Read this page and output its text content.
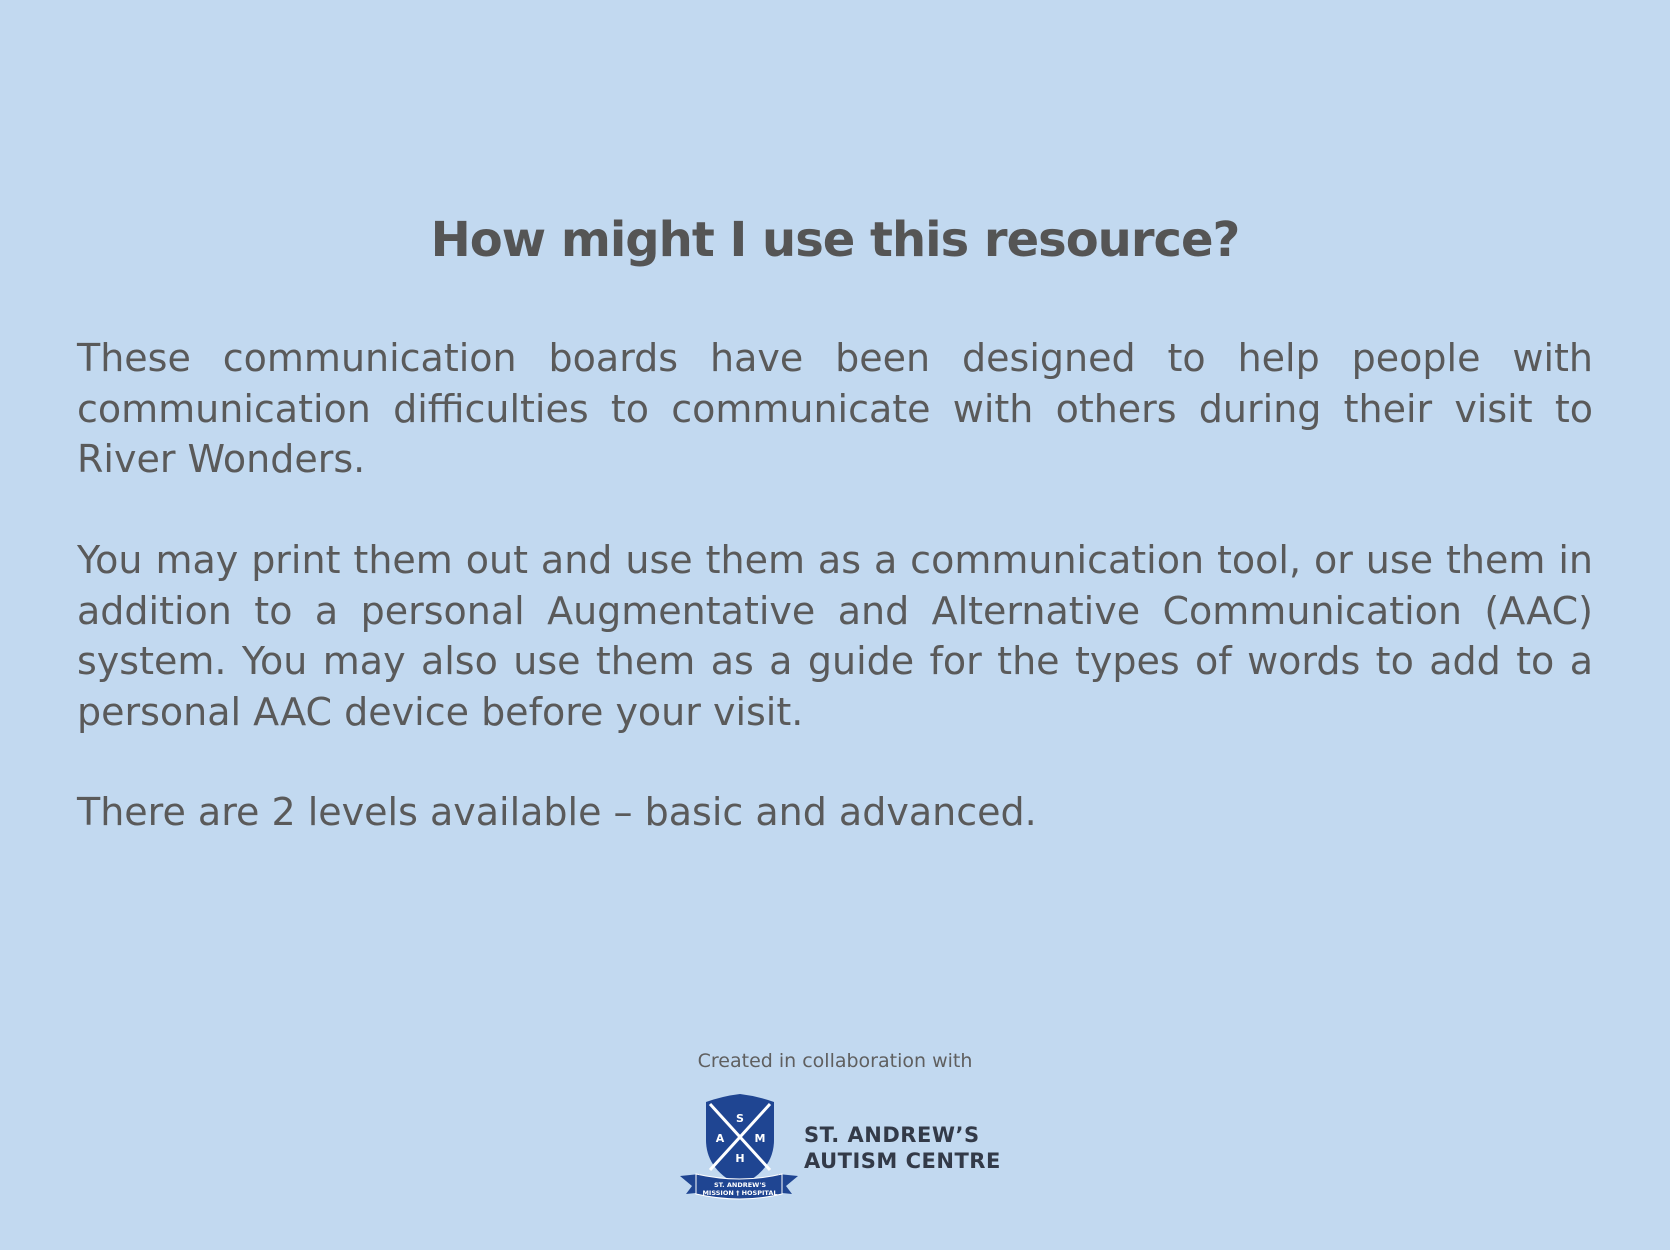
How might I use this resource?

These communication boards have been designed to help people with communication difficulties to communicate with others during their visit to River Wonders.

You may print them out and use them as a communication tool, or use them in addition to a personal Augmentative and Alternative Communication (AAC) system. You may also use them as a guide for the types of words to add to a personal AAC device before your visit.

There are 2 levels available – basic and advanced.

Created in collaboration with
S
A	M
H
ST. ANDREW'S
MISSION † HOSPITAL
ST. ANDREW’S
AUTISM CENTRE
